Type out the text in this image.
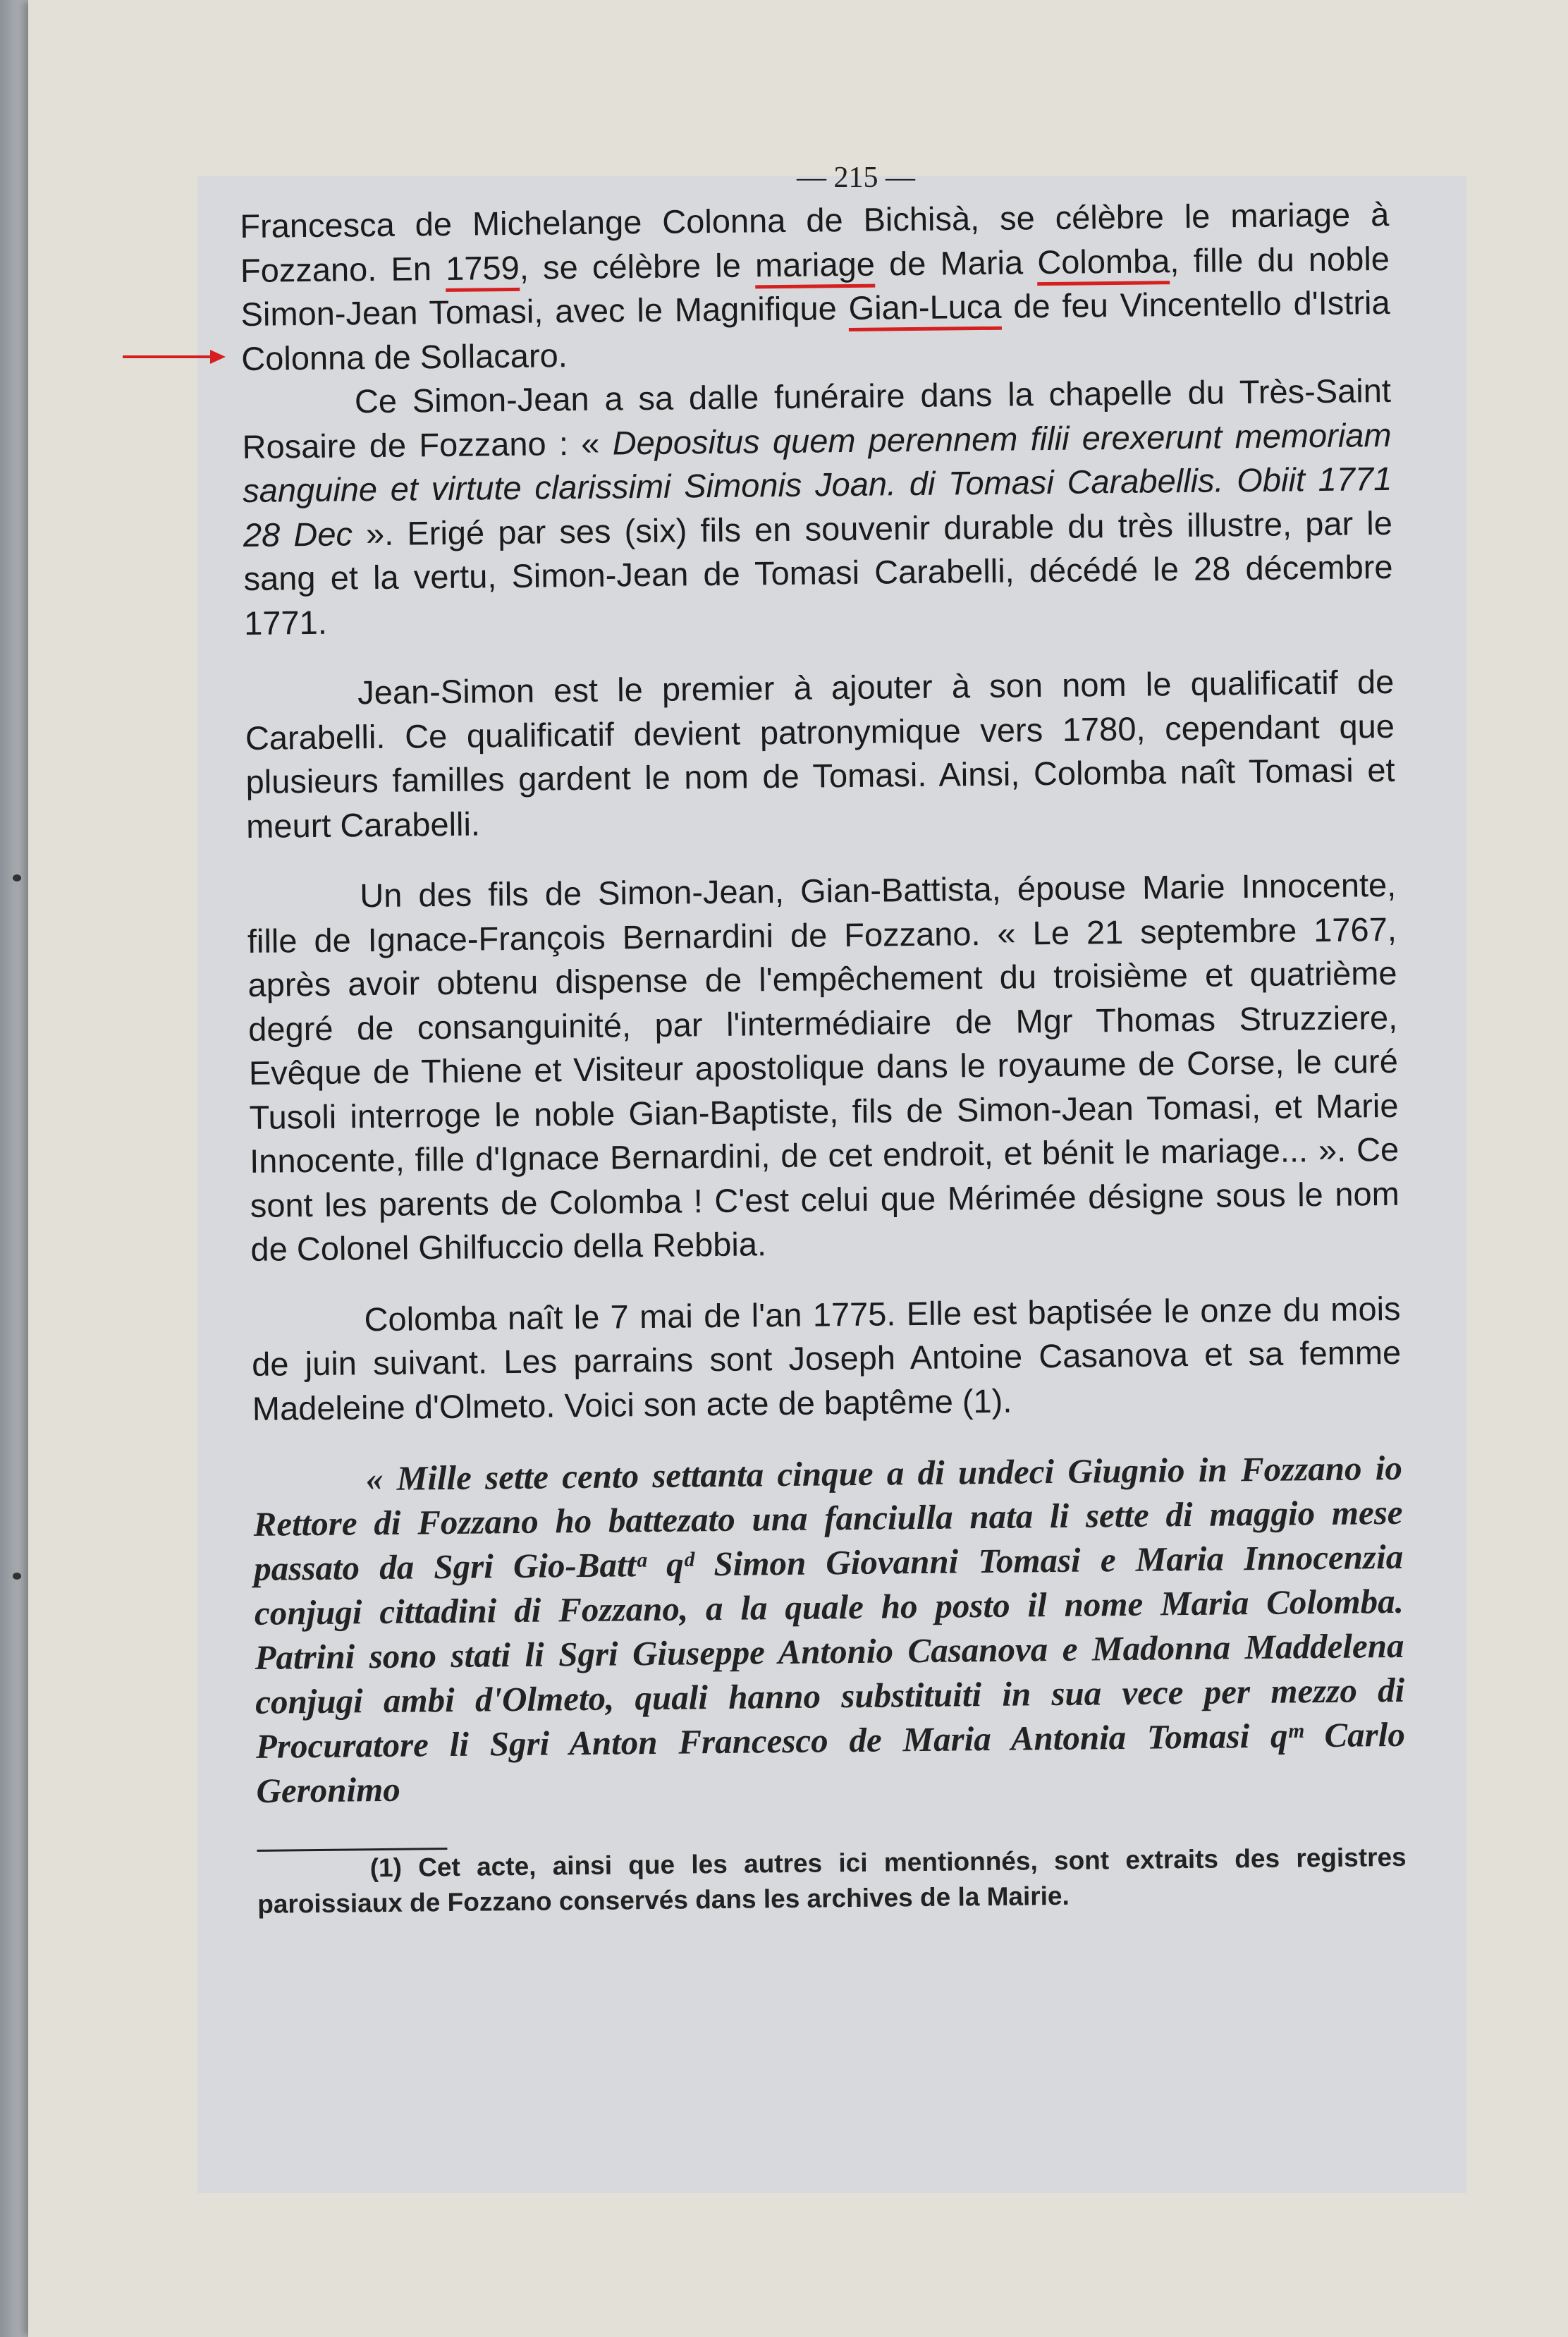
— 215 —

Francesca de Michelange Colonna de Bichisà, se célèbre le mariage à Fozzano. En 1759, se célèbre le mariage de Maria Colomba, fille du noble Simon-Jean Tomasi, avec le Magnifique Gian-Luca de feu Vincentello d'Istria Colonna de Sollacaro.

Ce Simon-Jean a sa dalle funéraire dans la chapelle du Très-Saint Rosaire de Fozzano : « Depositus quem perennem filii erexerunt memoriam sanguine et virtute clarissimi Simonis Joan. di Tomasi Carabellis. Obiit 1771 28 Dec ». Erigé par ses (six) fils en souvenir durable du très illustre, par le sang et la vertu, Simon-Jean de Tomasi Carabelli, décédé le 28 décembre 1771.

Jean-Simon est le premier à ajouter à son nom le qualificatif de Carabelli. Ce qualificatif devient patronymique vers 1780, cependant que plusieurs familles gardent le nom de Tomasi. Ainsi, Colomba naît Tomasi et meurt Carabelli.

Un des fils de Simon-Jean, Gian-Battista, épouse Marie Innocente, fille de Ignace-François Bernardini de Fozzano. « Le 21 septembre 1767, après avoir obtenu dispense de l'empêchement du troisième et quatrième degré de consanguinité, par l'intermédiaire de Mgr Thomas Struzziere, Evêque de Thiene et Visiteur apostolique dans le royaume de Corse, le curé Tusoli interroge le noble Gian-Baptiste, fils de Simon-Jean Tomasi, et Marie Innocente, fille d'Ignace Bernardini, de cet endroit, et bénit le mariage... ». Ce sont les parents de Colomba ! C'est celui que Mérimée désigne sous le nom de Colonel Ghilfuccio della Rebbia.

Colomba naît le 7 mai de l'an 1775. Elle est baptisée le onze du mois de juin suivant. Les parrains sont Joseph Antoine Casanova et sa femme Madeleine d'Olmeto. Voici son acte de baptême (1).

« Mille sette cento settanta cinque a di undeci Giugnio in Fozzano io Rettore di Fozzano ho battezato una fanciulla nata li sette di maggio mese passato da Sgri Gio-Battᵃ qᵈ Simon Giovanni Tomasi e Maria Innocenzia conjugi cittadini di Fozzano, a la quale ho posto il nome Maria Colomba. Patrini sono stati li Sgri Giuseppe Antonio Casanova e Madonna Maddelena conjugi ambi d'Olmeto, quali hanno substituiti in sua vece per mezzo di Procuratore li Sgri Anton Francesco de Maria Antonia Tomasi qᵐ Carlo Geronimo

(1) Cet acte, ainsi que les autres ici mentionnés, sont extraits des registres paroissiaux de Fozzano conservés dans les archives de la Mairie.
